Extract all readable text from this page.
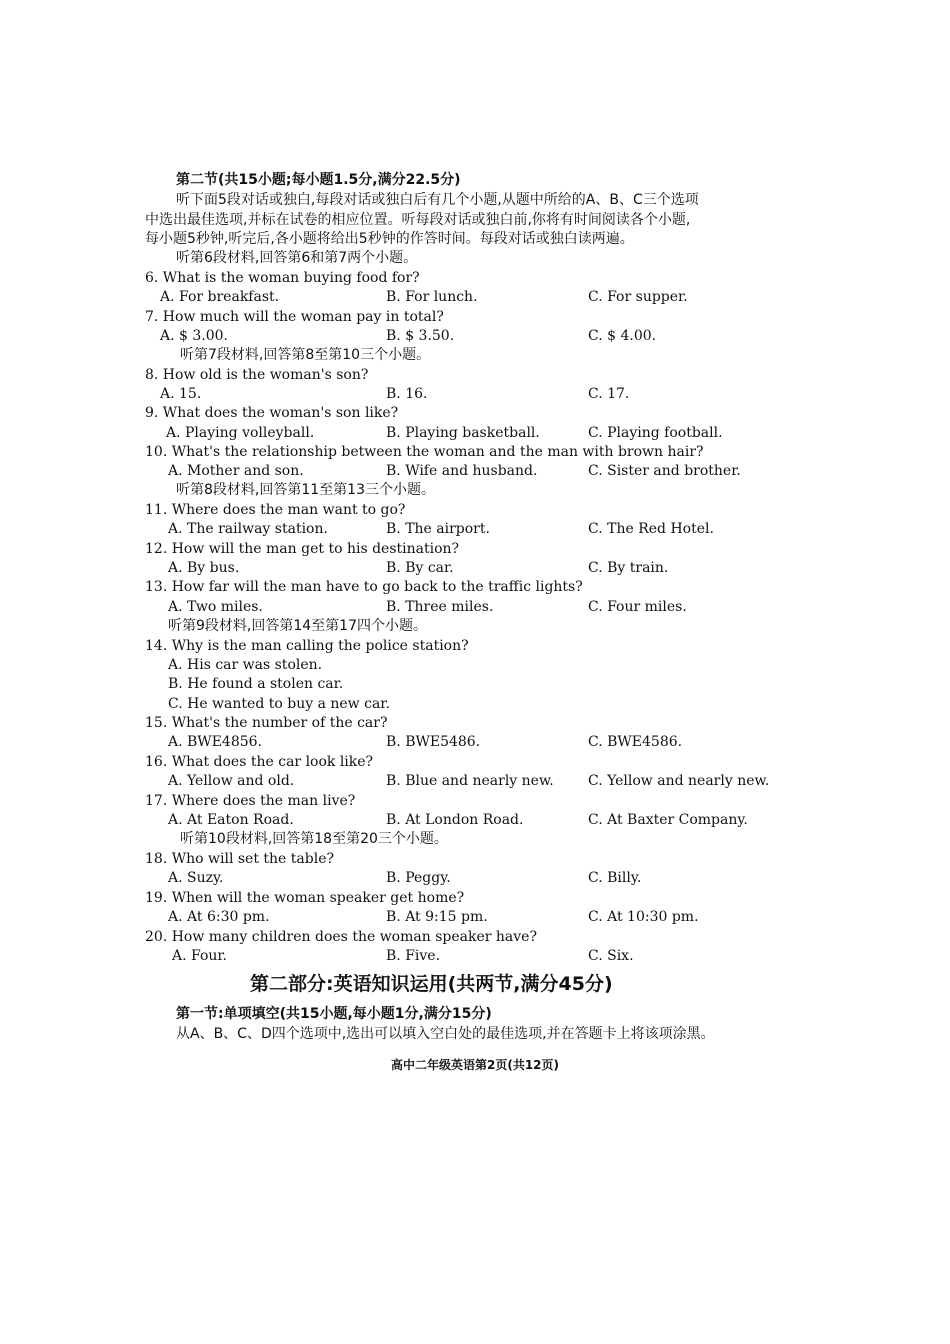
第二节(共15小题;每小题1.5分,满分22.5分)
听下面5段对话或独白,每段对话或独白后有几个小题,从题中所给的A、B、C三个选项
中选出最佳选项,并标在试卷的相应位置。听每段对话或独白前,你将有时间阅读各个小题,
每小题5秒钟,听完后,各小题将给出5秒钟的作答时间。每段对话或独白读两遍。
听第6段材料,回答第6和第7两个小题。
6. What is the woman buying food for?
A. For breakfast.	B. For lunch.	C. For supper.
7. How much will the woman pay in total?
A. $ 3.00.	B. $ 3.50.	C. $ 4.00.
听第7段材料,回答第8至第10三个小题。
8. How old is the woman's son?
A. 15.	B. 16.	C. 17.
9. What does the woman's son like?
A. Playing volleyball.	B. Playing basketball.	C. Playing football.
10. What's the relationship between the woman and the man with brown hair?
A. Mother and son.	B. Wife and husband.	C. Sister and brother.
听第8段材料,回答第11至第13三个小题。
11. Where does the man want to go?
A. The railway station.	B. The airport.	C. The Red Hotel.
12. How will the man get to his destination?
A. By bus.	B. By car.	C. By train.
13. How far will the man have to go back to the traffic lights?
A. Two miles.	B. Three miles.	C. Four miles.
听第9段材料,回答第14至第17四个小题。
14. Why is the man calling the police station?
A. His car was stolen.
B. He found a stolen car.
C. He wanted to buy a new car.
15. What's the number of the car?
A. BWE4856.	B. BWE5486.	C. BWE4586.
16. What does the car look like?
A. Yellow and old.	B. Blue and nearly new. C. Yellow and nearly new.
17. Where does the man live?
A. At Eaton Road.	B. At London Road.	C. At Baxter Company.
听第10段材料,回答第18至第20三个小题。
18. Who will set the table?
A. Suzy.	B. Peggy.	C. Billy.
19. When will the woman speaker get home?
A. At 6:30 pm.	B. At 9:15 pm.	C. At 10:30 pm.
20. How many children does the woman speaker have?
A. Four.	B. Five.	C. Six.
第二部分:英语知识运用(共两节,满分45分)
第一节:单项填空(共15小题,每小题1分,满分15分)
从A、B、C、D四个选项中,选出可以填入空白处的最佳选项,并在答题卡上将该项涂黑。
高中二年级英语第2页(共12页)
